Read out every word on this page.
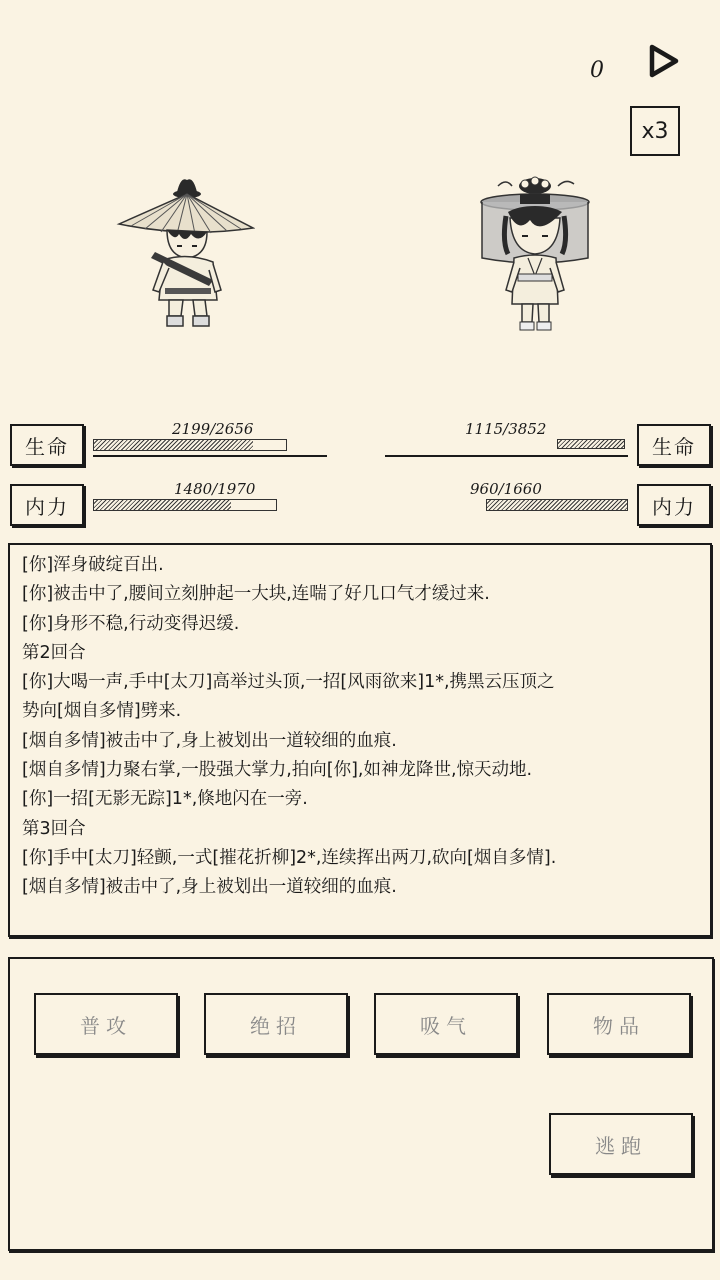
0
x3
生命
2199/2656
内力
1480/1970
生命
1115/3852
内力
960/1660
[你]浑身破绽百出.
[你]被击中了,腰间立刻肿起一大块,连喘了好几口气才缓过来.
[你]身形不稳,行动变得迟缓.
第2回合
[你]大喝一声,手中[太刀]高举过头顶,一招[风雨欲来]1*,携黑云压顶之
势向[烟自多情]劈来.
[烟自多情]被击中了,身上被划出一道较细的血痕.
[烟自多情]力聚右掌,一股强大掌力,拍向[你],如神龙降世,惊天动地.
[你]一招[无影无踪]1*,倏地闪在一旁.
第3回合
[你]手中[太刀]轻颤,一式[摧花折柳]2*,连续挥出两刀,砍向[烟自多情].
[烟自多情]被击中了,身上被划出一道较细的血痕.
普攻	绝招	吸气	物品
逃跑
